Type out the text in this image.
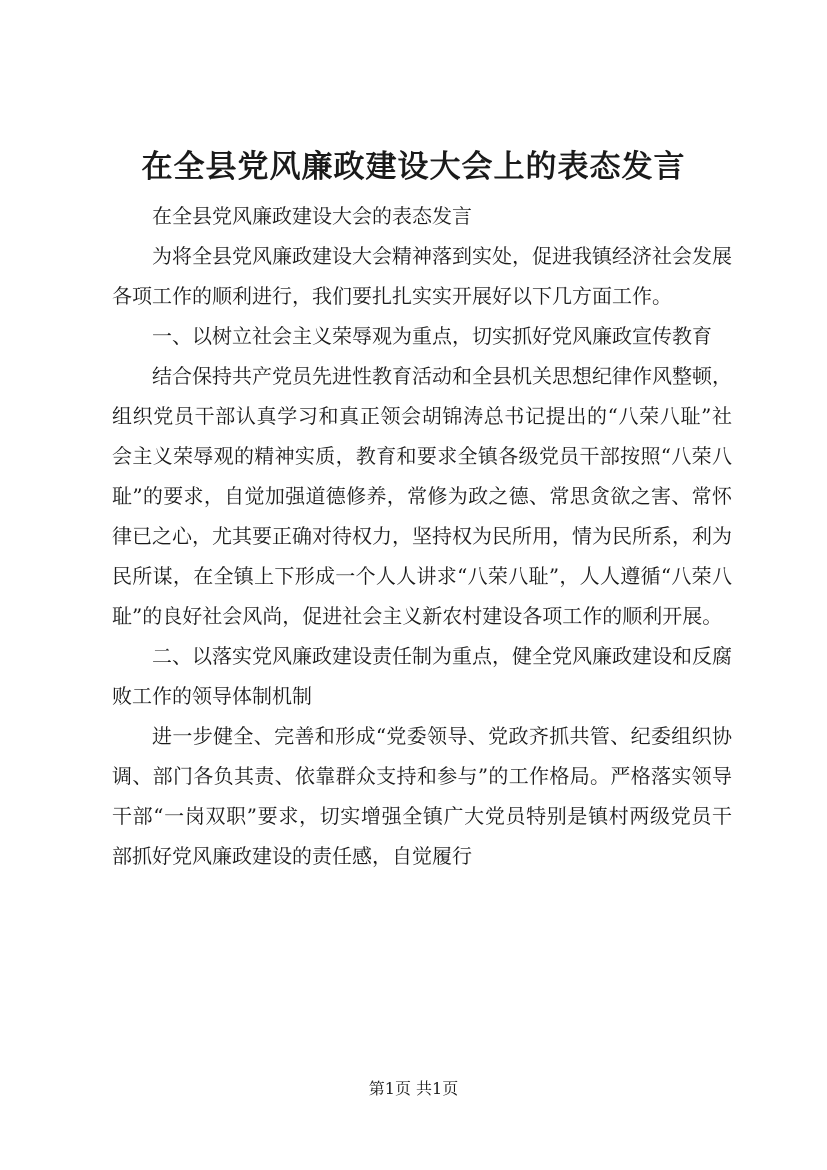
在全县党风廉政建设大会上的表态发言

在全县党风廉政建设大会的表态发言

为将全县党风廉政建设大会精神落到实处，促进我镇经济社会发展各项工作的顺利进行，我们要扎扎实实开展好以下几方面工作。

一、以树立社会主义荣辱观为重点，切实抓好党风廉政宣传教育

结合保持共产党员先进性教育活动和全县机关思想纪律作风整顿，组织党员干部认真学习和真正领会胡锦涛总书记提出的“八荣八耻”社会主义荣辱观的精神实质，教育和要求全镇各级党员干部按照“八荣八耻”的要求，自觉加强道德修养，常修为政之德、常思贪欲之害、常怀律已之心，尤其要正确对待权力，坚持权为民所用，情为民所系，利为民所谋，在全镇上下形成一个人人讲求“八荣八耻”，人人遵循“八荣八耻”的良好社会风尚，促进社会主义新农村建设各项工作的顺利开展。

二、以落实党风廉政建设责任制为重点，健全党风廉政建设和反腐败工作的领导体制机制

进一步健全、完善和形成“党委领导、党政齐抓共管、纪委组织协调、部门各负其责、依靠群众支持和参与”的工作格局。严格落实领导干部“一岗双职”要求，切实增强全镇广大党员特别是镇村两级党员干部抓好党风廉政建设的责任感，自觉履行

第1页 共1页
